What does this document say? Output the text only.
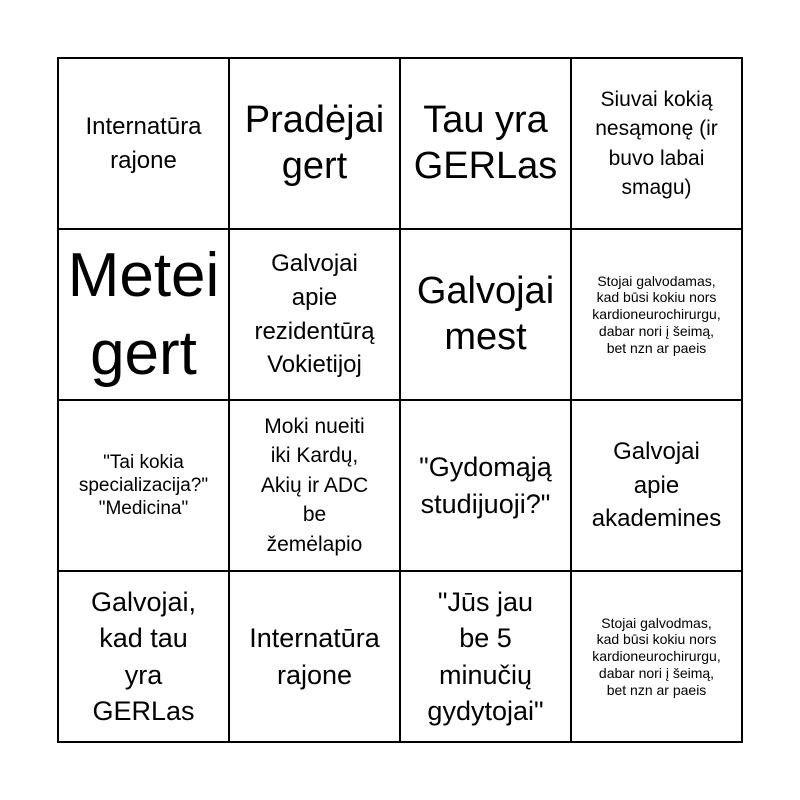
Internatūra
rajone
Pradėjai
gert
Tau yra
GERLas
Siuvai kokią
nesąmonę (ir
buvo labai
smagu)
Metei
gert
Galvojai
apie
rezidentūrą
Vokietijoj
Galvojai
mest
Stojai galvodamas,
kad būsi kokiu nors
kardioneurochirurgu,
dabar nori į šeimą,
bet nzn ar paeis
"Tai kokia
specializacija?"
"Medicina"
Moki nueiti
iki Kardų,
Akių ir ADC
be
žemėlapio
"Gydomąją
studijuoji?"
Galvojai
apie
akademines
Galvojai,
kad tau
yra
GERLas
Internatūra
rajone
"Jūs jau
be 5
minučių
gydytojai"
Stojai galvodmas,
kad būsi kokiu nors
kardioneurochirurgu,
dabar nori į šeimą,
bet nzn ar paeis
